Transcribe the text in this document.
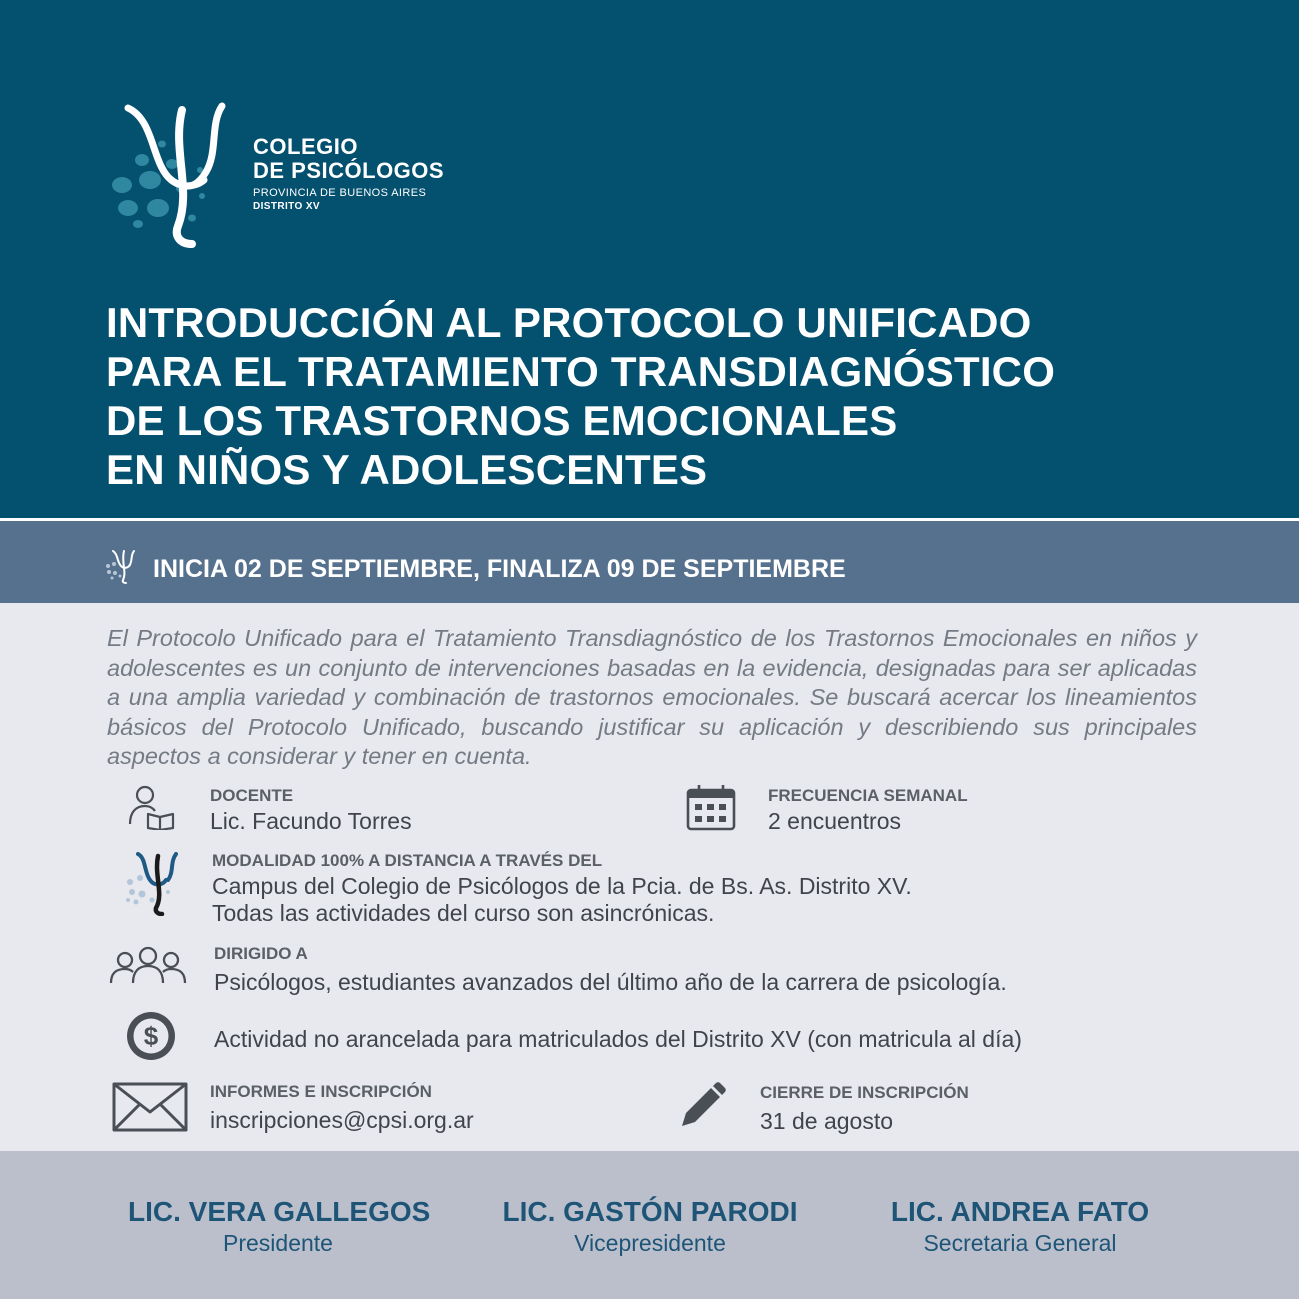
COLEGIO
DE PSICÓLOGOS
PROVINCIA DE BUENOS AIRES
DISTRITO XV
INTRODUCCIÓN AL PROTOCOLO UNIFICADO
PARA EL TRATAMIENTO TRANSDIAGNÓSTICO
DE LOS TRASTORNOS EMOCIONALES
EN NIÑOS Y ADOLESCENTES
INICIA 02 DE SEPTIEMBRE, FINALIZA 09 DE SEPTIEMBRE
El Protocolo Unificado para el Tratamiento Transdiagnóstico de los Trastornos Emocionales en niños y adolescentes es un conjunto de intervenciones basadas en la evidencia, designadas para ser aplicadas a una amplia variedad y combinación de trastornos emocionales. Se buscará acercar los lineamientos básicos del Protocolo Unificado, buscando justificar su aplicación y describiendo sus principales aspectos a considerar y tener en cuenta.
DOCENTE
Lic. Facundo Torres
FRECUENCIA SEMANAL
2 encuentros
MODALIDAD 100% A DISTANCIA A TRAVÉS DEL
Campus del Colegio de Psicólogos de la Pcia. de Bs. As. Distrito XV.
Todas las actividades del curso son asincrónicas.
DIRIGIDO A
Psicólogos, estudiantes avanzados del último año de la carrera de psicología.
$ Actividad no arancelada para matriculados del Distrito XV (con matricula al día)
INFORMES E INSCRIPCIÓN
inscripciones@cpsi.org.ar
CIERRE DE INSCRIPCIÓN
31 de agosto
LIC. VERA GALLEGOS
Presidente
LIC. GASTÓN PARODI
Vicepresidente
LIC. ANDREA FATO
Secretaria General
